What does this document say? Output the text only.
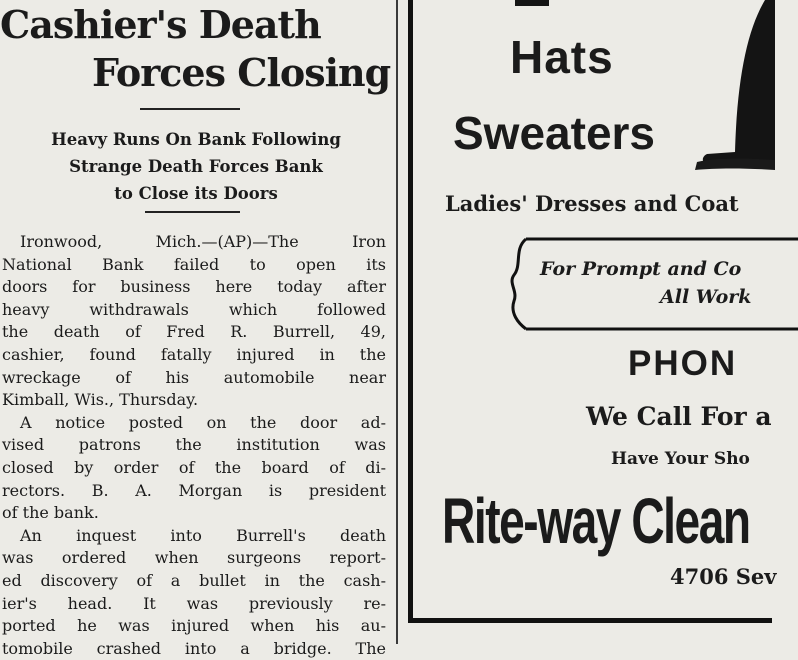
Cashier's Death
Forces Closing
Heavy Runs On Bank Following
Strange Death Forces Bank
to Close its Doors
Ironwood, Mich.—(AP)—The Iron
National Bank failed to open its
doors for business here today after
heavy withdrawals which followed
the death of Fred R. Burrell, 49,
cashier, found fatally injured in the
wreckage of his automobile near
Kimball, Wis., Thursday.
A notice posted on the door ad-
vised patrons the institution was
closed by order of the board of di-
rectors. B. A. Morgan is president
of the bank.
An inquest into Burrell's death
was ordered when surgeons report-
ed discovery of a bullet in the cash-
ier's head. It was previously re-
ported he was injured when his au-
tomobile crashed into a bridge. The
Hats
Sweaters
Ladies' Dresses and Coat
For Prompt and Co
All Work
PHON
We Call For a
Have Your Sho
Rite-way Clean
4706 Sev
